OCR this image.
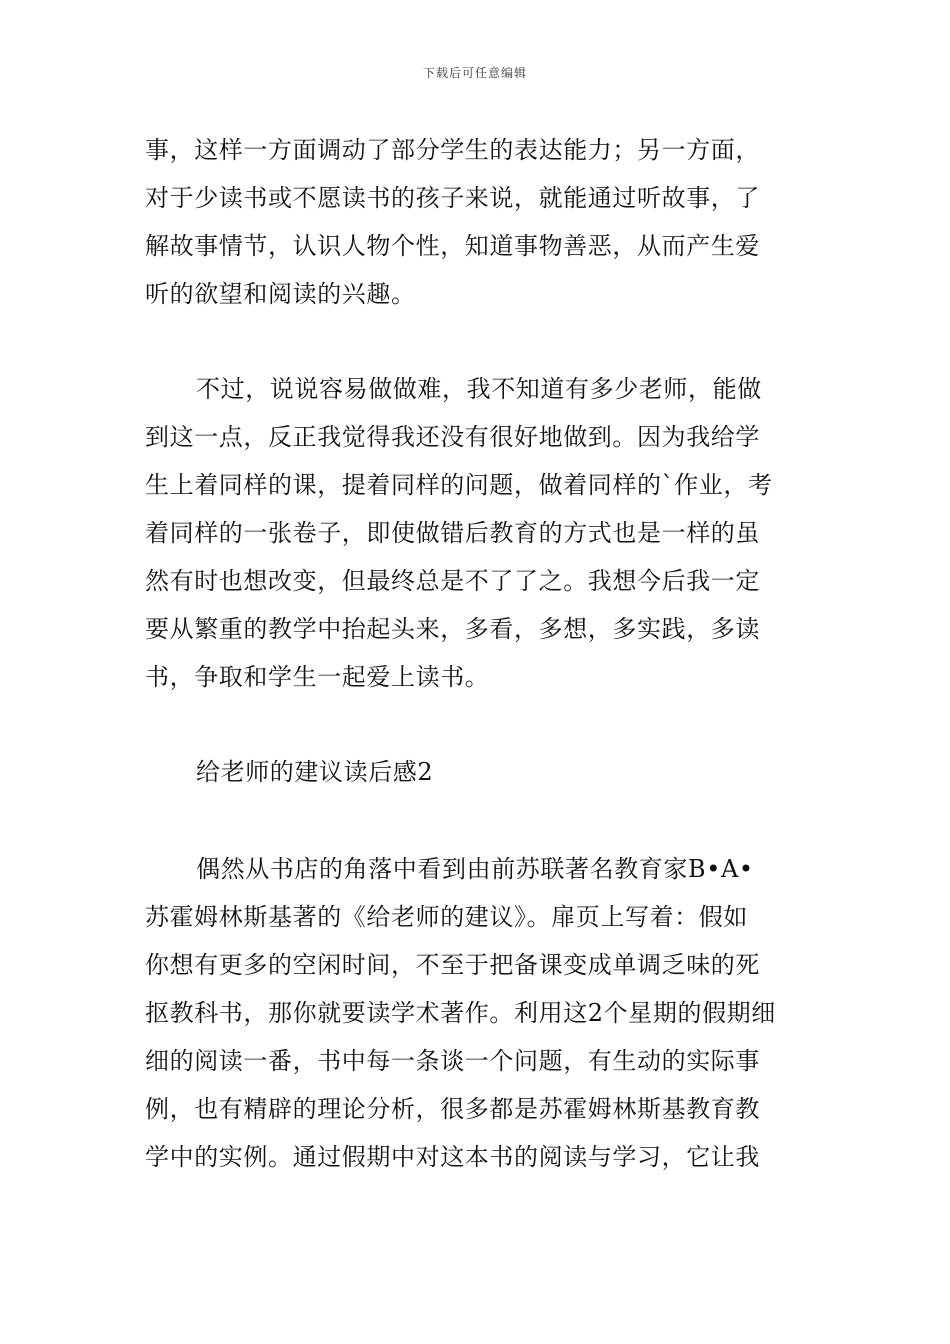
下载后可任意编辑
事，这样一方面调动了部分学生的表达能力；另一方面，
对于少读书或不愿读书的孩子来说，就能通过听故事，了
解故事情节，认识人物个性，知道事物善恶，从而产生爱
听的欲望和阅读的兴趣。
不过，说说容易做做难，我不知道有多少老师，能做
到这一点，反正我觉得我还没有很好地做到。因为我给学
生上着同样的课，提着同样的问题，做着同样的`作业，考
着同样的一张卷子，即使做错后教育的方式也是一样的虽
然有时也想改变，但最终总是不了了之。我想今后我一定
要从繁重的教学中抬起头来，多看，多想，多实践，多读
书，争取和学生一起爱上读书。
给老师的建议读后感2
偶然从书店的角落中看到由前苏联著名教育家B•A•
苏霍姆林斯基著的《给老师的建议》。扉页上写着：假如
你想有更多的空闲时间，不至于把备课变成单调乏味的死
抠教科书，那你就要读学术著作。利用这2个星期的假期细
细的阅读一番，书中每一条谈一个问题，有生动的实际事
例，也有精辟的理论分析，很多都是苏霍姆林斯基教育教
学中的实例。通过假期中对这本书的阅读与学习，它让我
